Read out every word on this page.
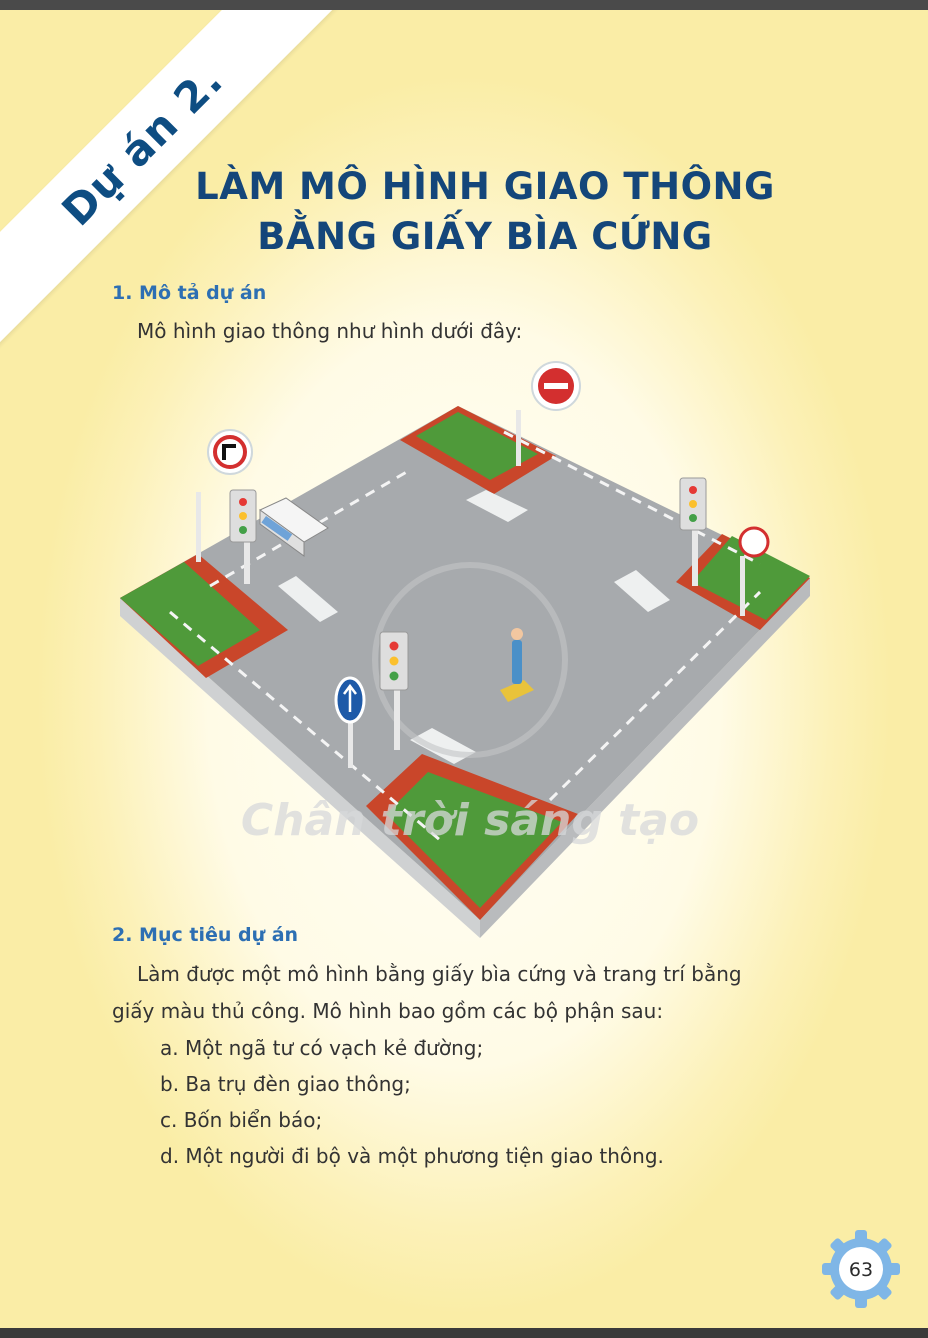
Dự án 2.
LÀM MÔ HÌNH GIAO THÔNG
BẰNG GIẤY BÌA CỨNG
1. Mô tả dự án
Mô hình giao thông như hình dưới đây:
Chân trời sáng tạo
2. Mục tiêu dự án
Làm được một mô hình bằng giấy bìa cứng và trang trí bằng
giấy màu thủ công. Mô hình bao gồm các bộ phận sau:
a. Một ngã tư có vạch kẻ đường;
b. Ba trụ đèn giao thông;
c. Bốn biển báo;
d. Một người đi bộ và một phương tiện giao thông.
63
